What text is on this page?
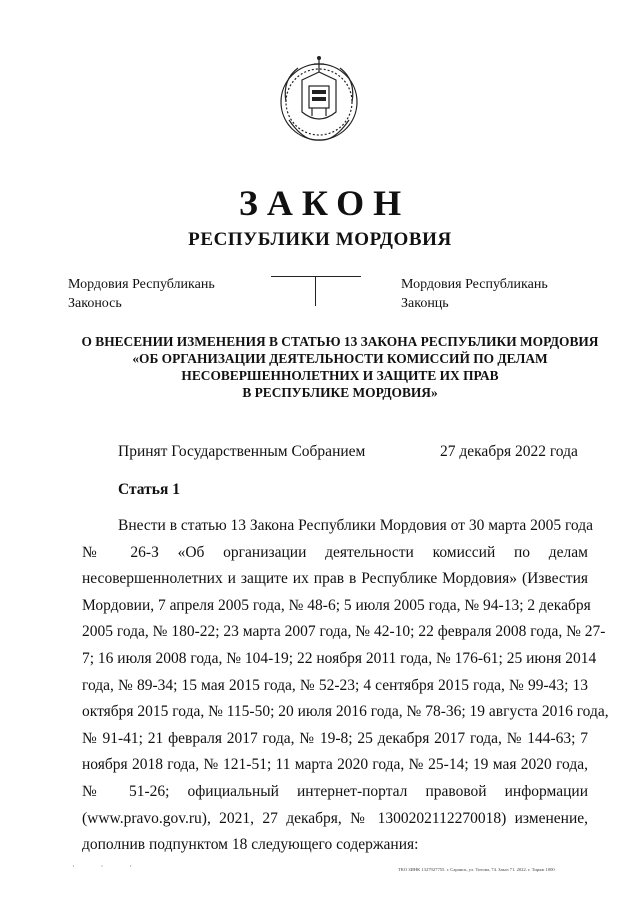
ЗАКОН
РЕСПУБЛИКИ МОРДОВИЯ
Мордовия Республикань
Законось
Мордовия Республикань
Законць
О ВНЕСЕНИИ ИЗМЕНЕНИЯ В СТАТЬЮ 13 ЗАКОНА РЕСПУБЛИКИ МОРДОВИЯ
«ОБ ОРГАНИЗАЦИИ ДЕЯТЕЛЬНОСТИ КОМИССИЙ ПО ДЕЛАМ
НЕСОВЕРШЕННОЛЕТНИХ И ЗАЩИТЕ ИХ ПРАВ
В РЕСПУБЛИКЕ МОРДОВИЯ»
Принят Государственным Собранием	27 декабря 2022 года
Статья 1
Внести в статью 13 Закона Республики Мордовия от 30 марта 2005 года
№ 26-З «Об организации деятельности комиссий по делам
несовершеннолетних и защите их прав в Республике Мордовия» (Известия
Мордовии, 7 апреля 2005 года, № 48-6; 5 июля 2005 года, № 94-13; 2 декабря
2005 года, № 180-22; 23 марта 2007 года, № 42-10; 22 февраля 2008 года, № 27-
7; 16 июля 2008 года, № 104-19; 22 ноября 2011 года, № 176-61; 25 июня 2014
года, № 89-34; 15 мая 2015 года, № 52-23; 4 сентября 2015 года, № 99-43; 13
октября 2015 года, № 115-50; 20 июля 2016 года, № 78-36; 19 августа 2016 года,
№ 91-41; 21 февраля 2017 года, № 19-8; 25 декабря 2017 года, № 144-63; 7
ноября 2018 года, № 121-51; 11 марта 2020 года, № 25-14; 19 мая 2020 года,
№ 51-26; официальный интернет-портал правовой информации
(www.pravo.gov.ru), 2021, 27 декабря, № 1300202112270018) изменение,
дополнив подпунктом 18 следующего содержания:
· · ·	ТКО ЗИНК 1327927755. г. Саранск, ул. Титова, 74. Заказ 71. 2022. г. Тираж 1000
